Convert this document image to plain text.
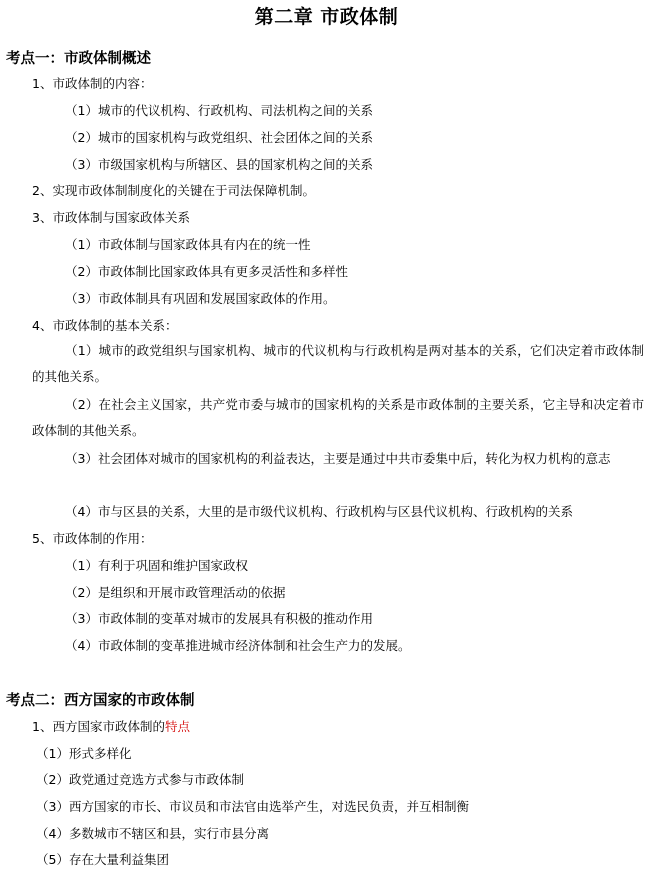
第二章 市政体制
考点一：市政体制概述
1、市政体制的内容：
（1）城市的代议机构、行政机构、司法机构之间的关系
（2）城市的国家机构与政党组织、社会团体之间的关系
（3）市级国家机构与所辖区、县的国家机构之间的关系
2、实现市政体制制度化的关键在于司法保障机制。
3、市政体制与国家政体关系
（1）市政体制与国家政体具有内在的统一性
（2）市政体制比国家政体具有更多灵活性和多样性
（3）市政体制具有巩固和发展国家政体的作用。
4、市政体制的基本关系：
（1）城市的政党组织与国家机构、城市的代议机构与行政机构是两对基本的关系，它们决定着市政体制的其他关系。
（2）在社会主义国家，共产党市委与城市的国家机构的关系是市政体制的主要关系，它主导和决定着市政体制的其他关系。
（3）社会团体对城市的国家机构的利益表达，主要是通过中共市委集中后，转化为权力机构的意志
（4）市与区县的关系，大里的是市级代议机构、行政机构与区县代议机构、行政机构的关系
5、市政体制的作用：
（1）有利于巩固和维护国家政权
（2）是组织和开展市政管理活动的依据
（3）市政体制的变革对城市的发展具有积极的推动作用
（4）市政体制的变革推进城市经济体制和社会生产力的发展。
考点二：西方国家的市政体制
1、西方国家市政体制的特点
（1）形式多样化
（2）政党通过竞选方式参与市政体制
（3）西方国家的市长、市议员和市法官由选举产生，对选民负责，并互相制衡
（4）多数城市不辖区和县，实行市县分离
（5）存在大量利益集团
